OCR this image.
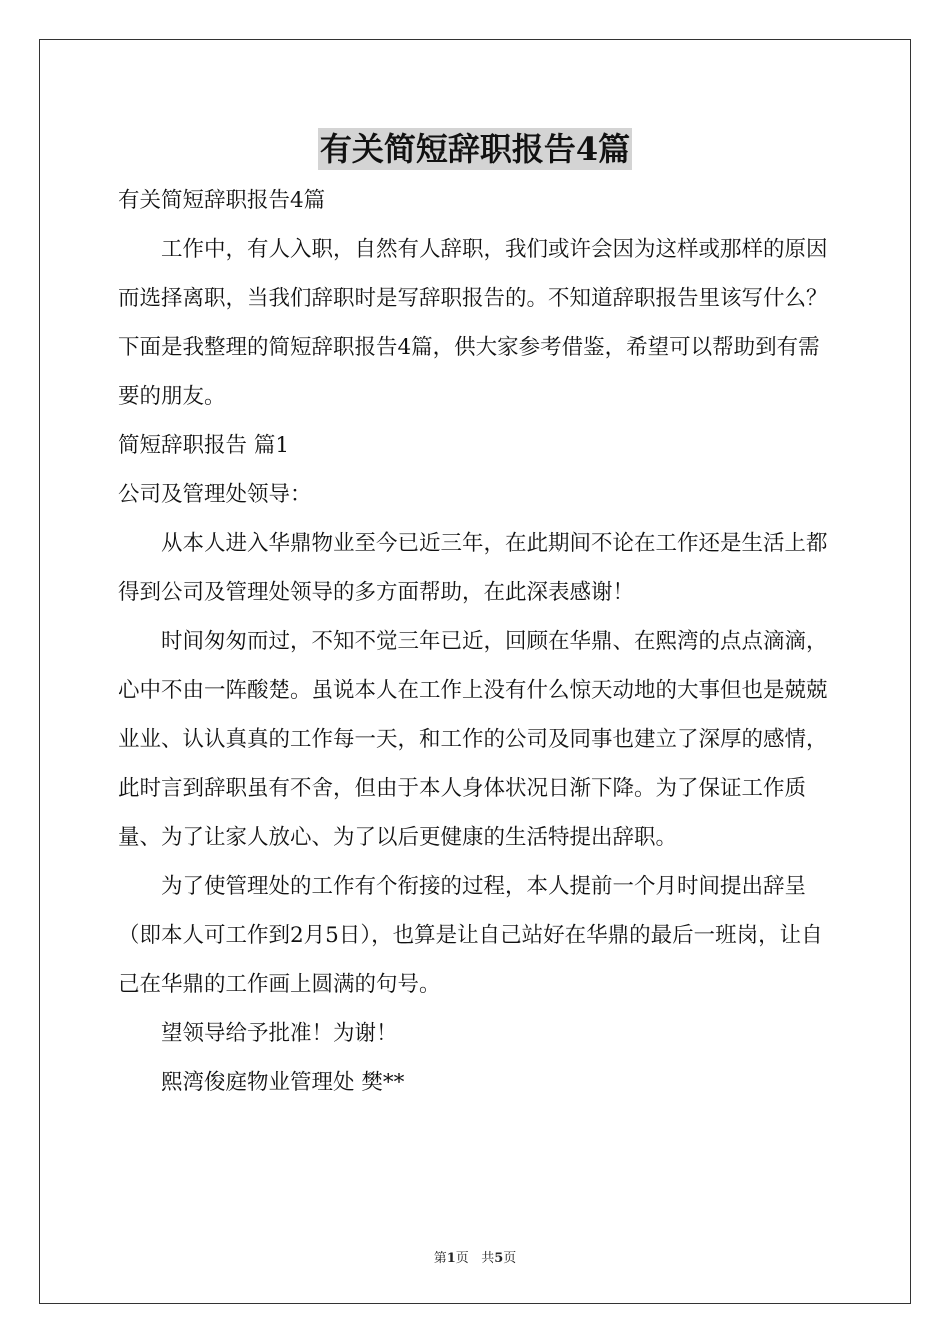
有关简短辞职报告4篇

有关简短辞职报告4篇

工作中，有人入职，自然有人辞职，我们或许会因为这样或那样的原因而选择离职，当我们辞职时是写辞职报告的。不知道辞职报告里该写什么？下面是我整理的简短辞职报告4篇，供大家参考借鉴，希望可以帮助到有需要的朋友。

简短辞职报告 篇1

公司及管理处领导：

从本人进入华鼎物业至今已近三年，在此期间不论在工作还是生活上都得到公司及管理处领导的多方面帮助，在此深表感谢！

时间匆匆而过，不知不觉三年已近，回顾在华鼎、在熙湾的点点滴滴，心中不由一阵酸楚。虽说本人在工作上没有什么惊天动地的大事但也是兢兢业业、认认真真的工作每一天，和工作的公司及同事也建立了深厚的感情，此时言到辞职虽有不舍，但由于本人身体状况日渐下降。为了保证工作质量、为了让家人放心、为了以后更健康的生活特提出辞职。

为了使管理处的工作有个衔接的过程，本人提前一个月时间提出辞呈（即本人可工作到2月5日），也算是让自己站好在华鼎的最后一班岗，让自己在华鼎的工作画上圆满的句号。

望领导给予批准！为谢！

熙湾俊庭物业管理处 樊**

第1页 共5页
